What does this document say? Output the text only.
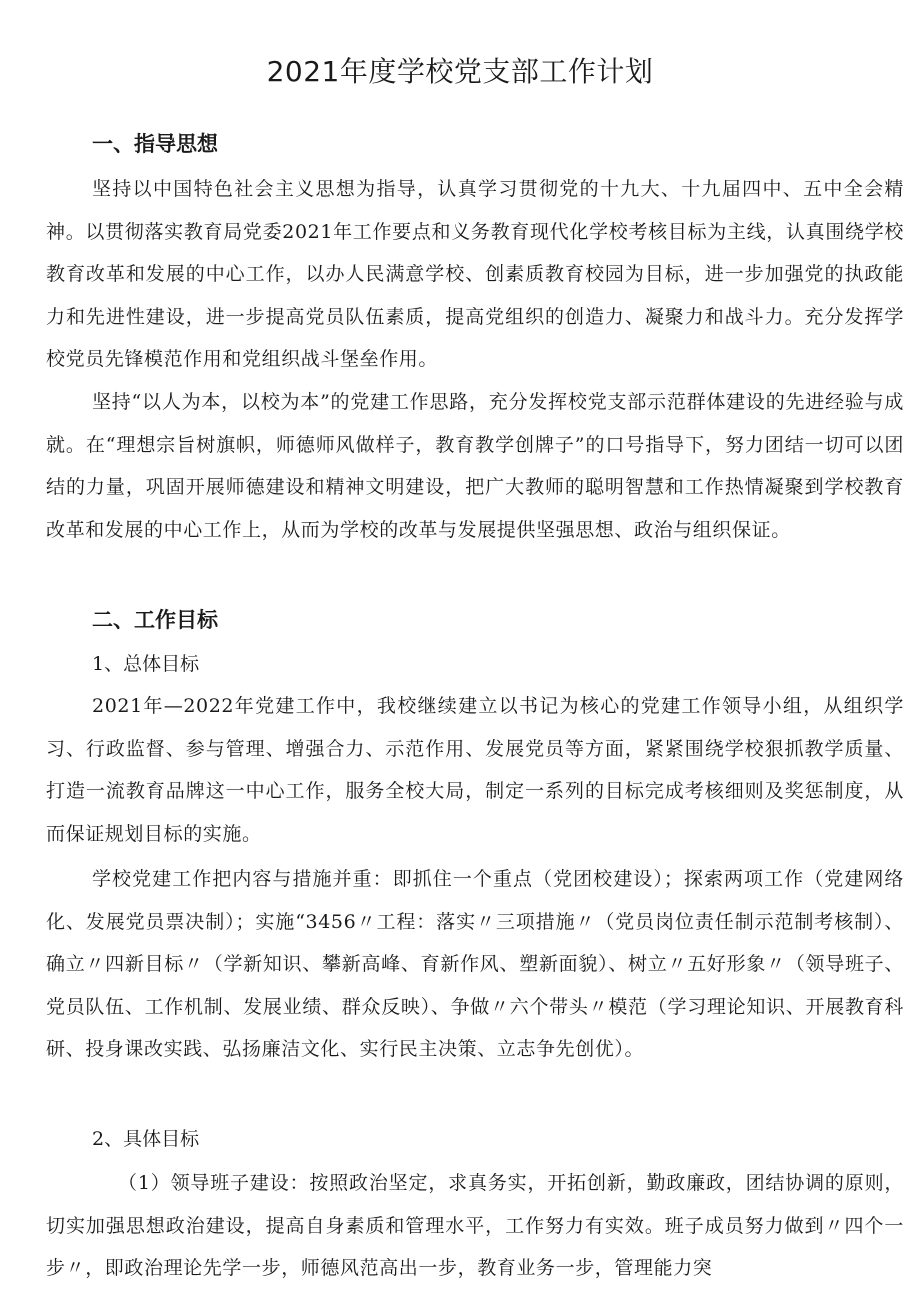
2021年度学校党支部工作计划
一、指导思想

坚持以中国特色社会主义思想为指导，认真学习贯彻党的十九大、十九届四中、五中全会精神。以贯彻落实教育局党委2021年工作要点和义务教育现代化学校考核目标为主线，认真围绕学校教育改革和发展的中心工作，以办人民满意学校、创素质教育校园为目标，进一步加强党的执政能力和先进性建设，进一步提高党员队伍素质，提高党组织的创造力、凝聚力和战斗力。充分发挥学校党员先锋模范作用和党组织战斗堡垒作用。

坚持“以人为本，以校为本”的党建工作思路，充分发挥校党支部示范群体建设的先进经验与成就。在“理想宗旨树旗帜，师德师风做样子，教育教学创牌子”的口号指导下，努力团结一切可以团结的力量，巩固开展师德建设和精神文明建设，把广大教师的聪明智慧和工作热情凝聚到学校教育改革和发展的中心工作上，从而为学校的改革与发展提供坚强思想、政治与组织保证。

二、工作目标

1、总体目标

2021年—2022年党建工作中，我校继续建立以书记为核心的党建工作领导小组，从组织学习、行政监督、参与管理、增强合力、示范作用、发展党员等方面，紧紧围绕学校狠抓教学质量、打造一流教育品牌这一中心工作，服务全校大局，制定一系列的目标完成考核细则及奖惩制度，从而保证规划目标的实施。

学校党建工作把内容与措施并重：即抓住一个重点（党团校建设）；探索两项工作（党建网络化、发展党员票决制）；实施“3456〃工程：落实〃三项措施〃（党员岗位责任制示范制考核制）、确立〃四新目标〃（学新知识、攀新高峰、育新作风、塑新面貌）、树立〃五好形象〃（领导班子、党员队伍、工作机制、发展业绩、群众反映）、争做〃六个带头〃模范（学习理论知识、开展教育科研、投身课改实践、弘扬廉洁文化、实行民主决策、立志争先创优）。

2、具体目标

（1）领导班子建设：按照政治坚定，求真务实，开拓创新，勤政廉政，团结协调的原则，切实加强思想政治建设，提高自身素质和管理水平，工作努力有实效。班子成员努力做到〃四个一步〃，即政治理论先学一步，师德风范高出一步，教育业务一步，管理能力突
